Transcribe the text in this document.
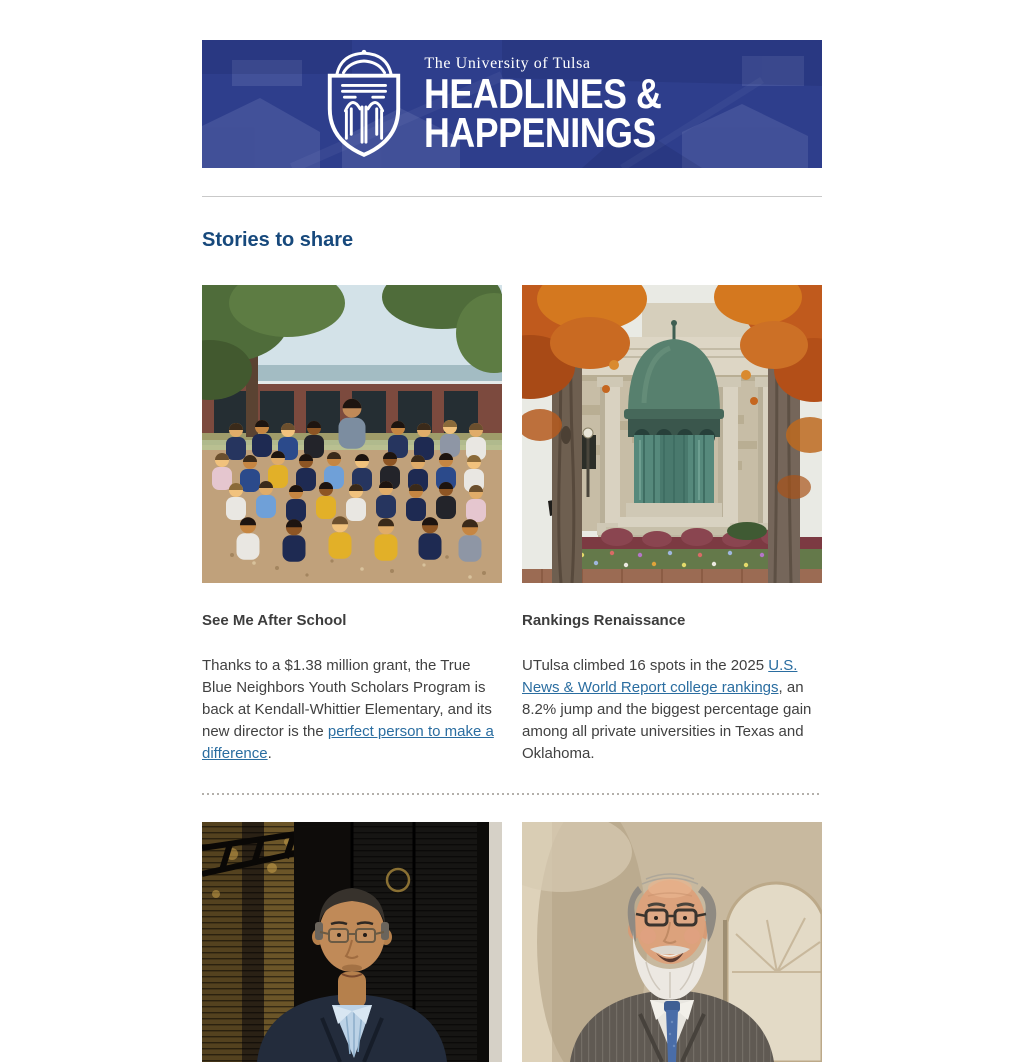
The University of Tulsa
HEADLINES &
HAPPENINGS
Stories to share
See Me After School

Thanks to a $1.38 million grant, the True Blue Neighbors Youth Scholars Program is back at Kendall-Whittier Elementary, and its new director is the perfect person to make a difference.

Rankings Renaissance

UTulsa climbed 16 spots in the 2025 U.S. News & World Report college rankings, an 8.2% jump and the biggest percentage gain among all private universities in Texas and Oklahoma.
